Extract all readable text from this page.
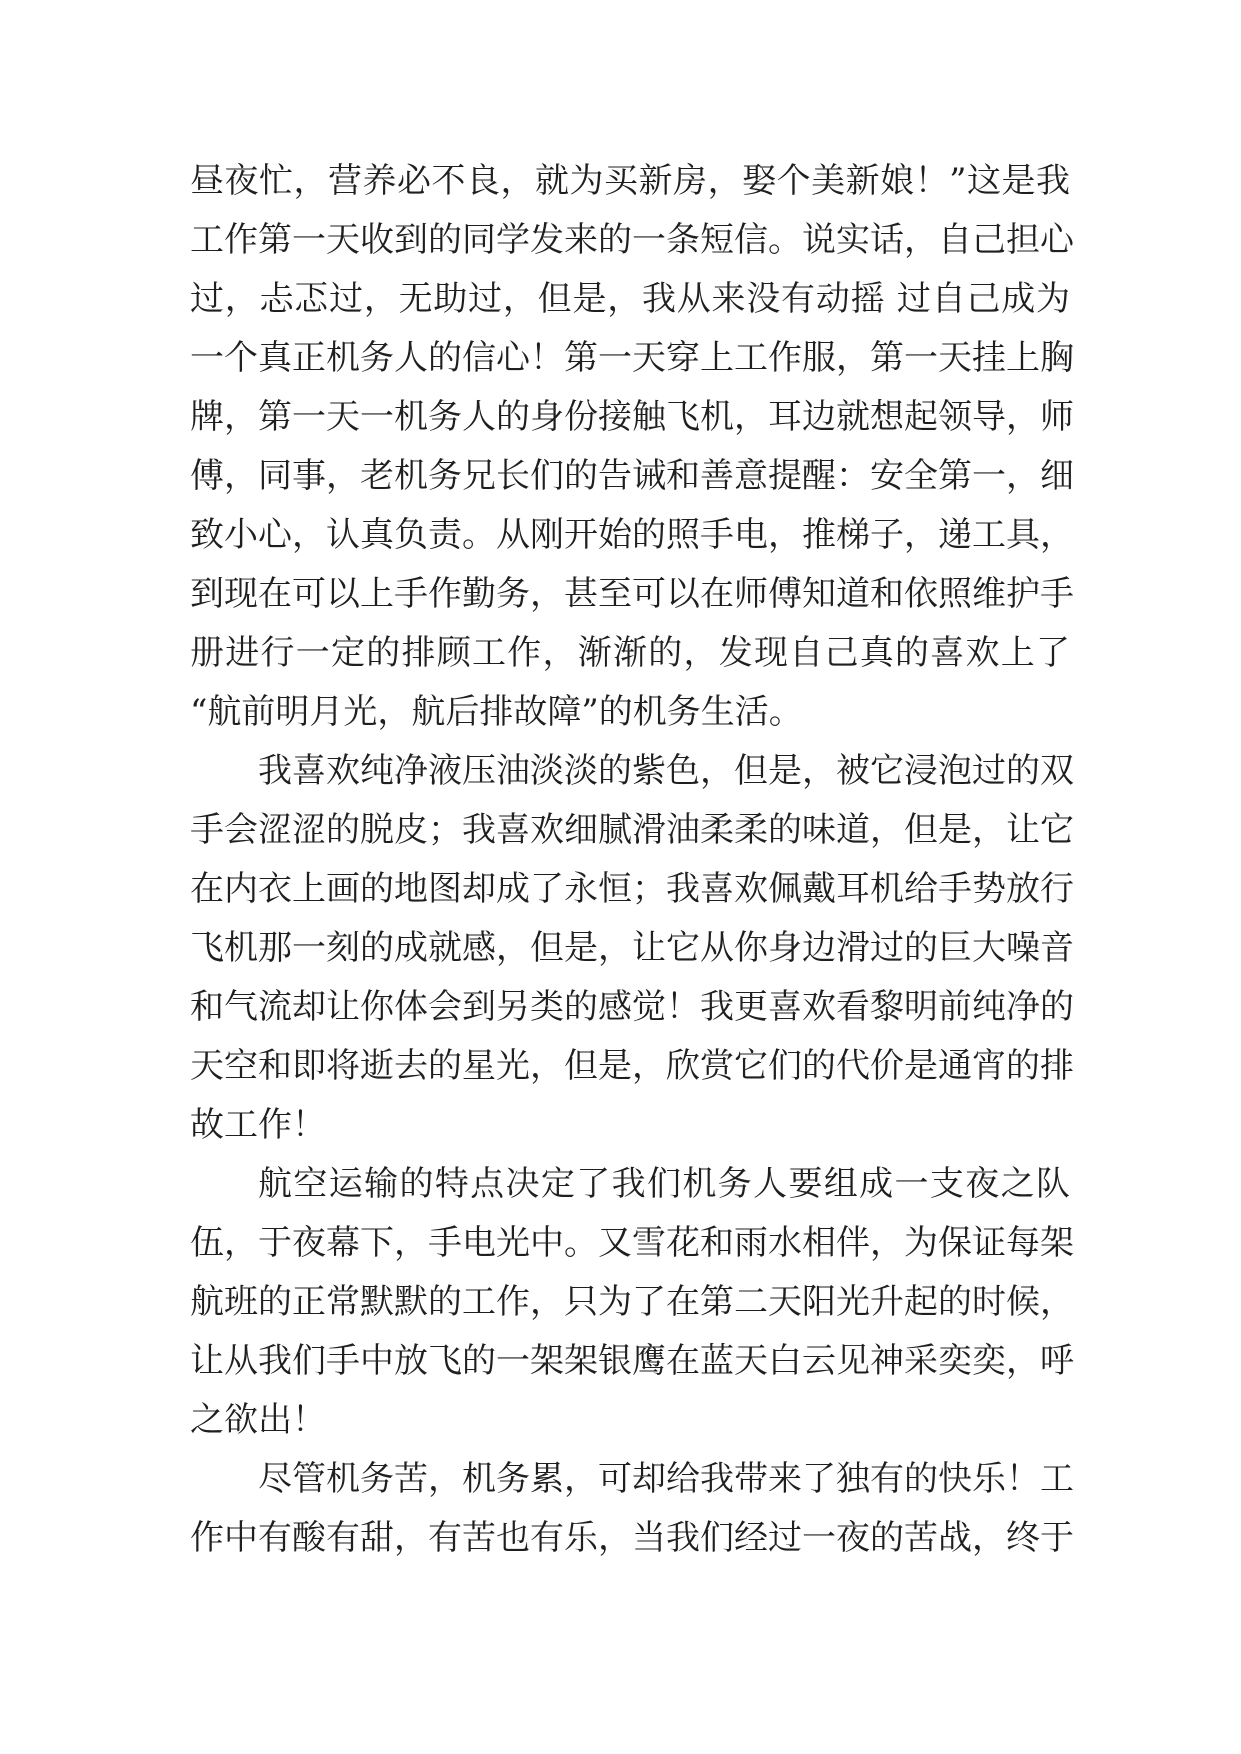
昼夜忙，营养必不良，就为买新房，娶个美新娘！”这是我
工作第一天收到的同学发来的一条短信。说实话，自己担心
过，忐忑过，无助过，但是，我从来没有动摇 过自己成为
一个真正机务人的信心！第一天穿上工作服，第一天挂上胸
牌，第一天一机务人的身份接触飞机，耳边就想起领导，师
傅，同事，老机务兄长们的告诫和善意提醒：安全第一，细
致小心，认真负责。从刚开始的照手电，推梯子，递工具，
到现在可以上手作勤务，甚至可以在师傅知道和依照维护手
册进行一定的排顾工作，渐渐的，发现自己真的喜欢上了
“航前明月光，航后排故障”的机务生活。
我喜欢纯净液压油淡淡的紫色，但是，被它浸泡过的双
手会涩涩的脱皮；我喜欢细腻滑油柔柔的味道，但是，让它
在内衣上画的地图却成了永恒；我喜欢佩戴耳机给手势放行
飞机那一刻的成就感，但是，让它从你身边滑过的巨大噪音
和气流却让你体会到另类的感觉！我更喜欢看黎明前纯净的
天空和即将逝去的星光，但是，欣赏它们的代价是通宵的排
故工作！
航空运输的特点决定了我们机务人要组成一支夜之队
伍，于夜幕下，手电光中。又雪花和雨水相伴，为保证每架
航班的正常默默的工作，只为了在第二天阳光升起的时候，
让从我们手中放飞的一架架银鹰在蓝天白云见神采奕奕，呼
之欲出！
尽管机务苦，机务累，可却给我带来了独有的快乐！工
作中有酸有甜，有苦也有乐，当我们经过一夜的苦战，终于
